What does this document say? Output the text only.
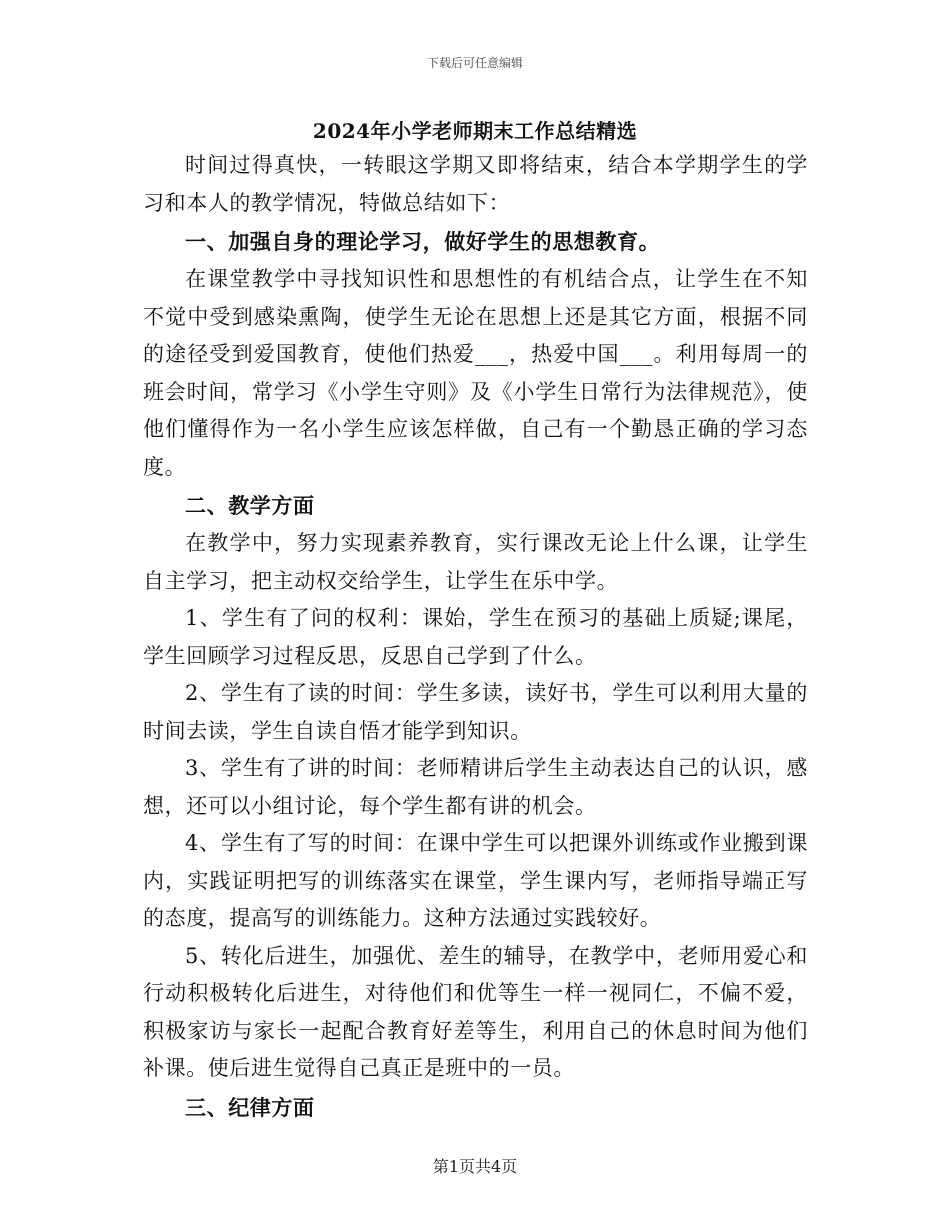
下载后可任意编辑
2024年小学老师期末工作总结精选

时间过得真快，一转眼这学期又即将结束，结合本学期学生的学习和本人的教学情况，特做总结如下：

一、加强自身的理论学习，做好学生的思想教育。

在课堂教学中寻找知识性和思想性的有机结合点，让学生在不知不觉中受到感染熏陶，使学生无论在思想上还是其它方面，根据不同的途径受到爱国教育，使他们热爱___，热爱中国___。利用每周一的班会时间，常学习《小学生守则》及《小学生日常行为法律规范》，使他们懂得作为一名小学生应该怎样做，自己有一个勤恳正确的学习态度。

二、教学方面

在教学中，努力实现素养教育，实行课改无论上什么课，让学生自主学习，把主动权交给学生，让学生在乐中学。

1、学生有了问的权利：课始，学生在预习的基础上质疑;课尾，学生回顾学习过程反思，反思自己学到了什么。

2、学生有了读的时间：学生多读，读好书，学生可以利用大量的时间去读，学生自读自悟才能学到知识。

3、学生有了讲的时间：老师精讲后学生主动表达自己的认识，感想，还可以小组讨论，每个学生都有讲的机会。

4、学生有了写的时间：在课中学生可以把课外训练或作业搬到课内，实践证明把写的训练落实在课堂，学生课内写，老师指导端正写的态度，提高写的训练能力。这种方法通过实践较好。

5、转化后进生，加强优、差生的辅导，在教学中，老师用爱心和行动积极转化后进生，对待他们和优等生一样一视同仁，不偏不爱，积极家访与家长一起配合教育好差等生，利用自己的休息时间为他们补课。使后进生觉得自己真正是班中的一员。

三、纪律方面

第1页共4页
